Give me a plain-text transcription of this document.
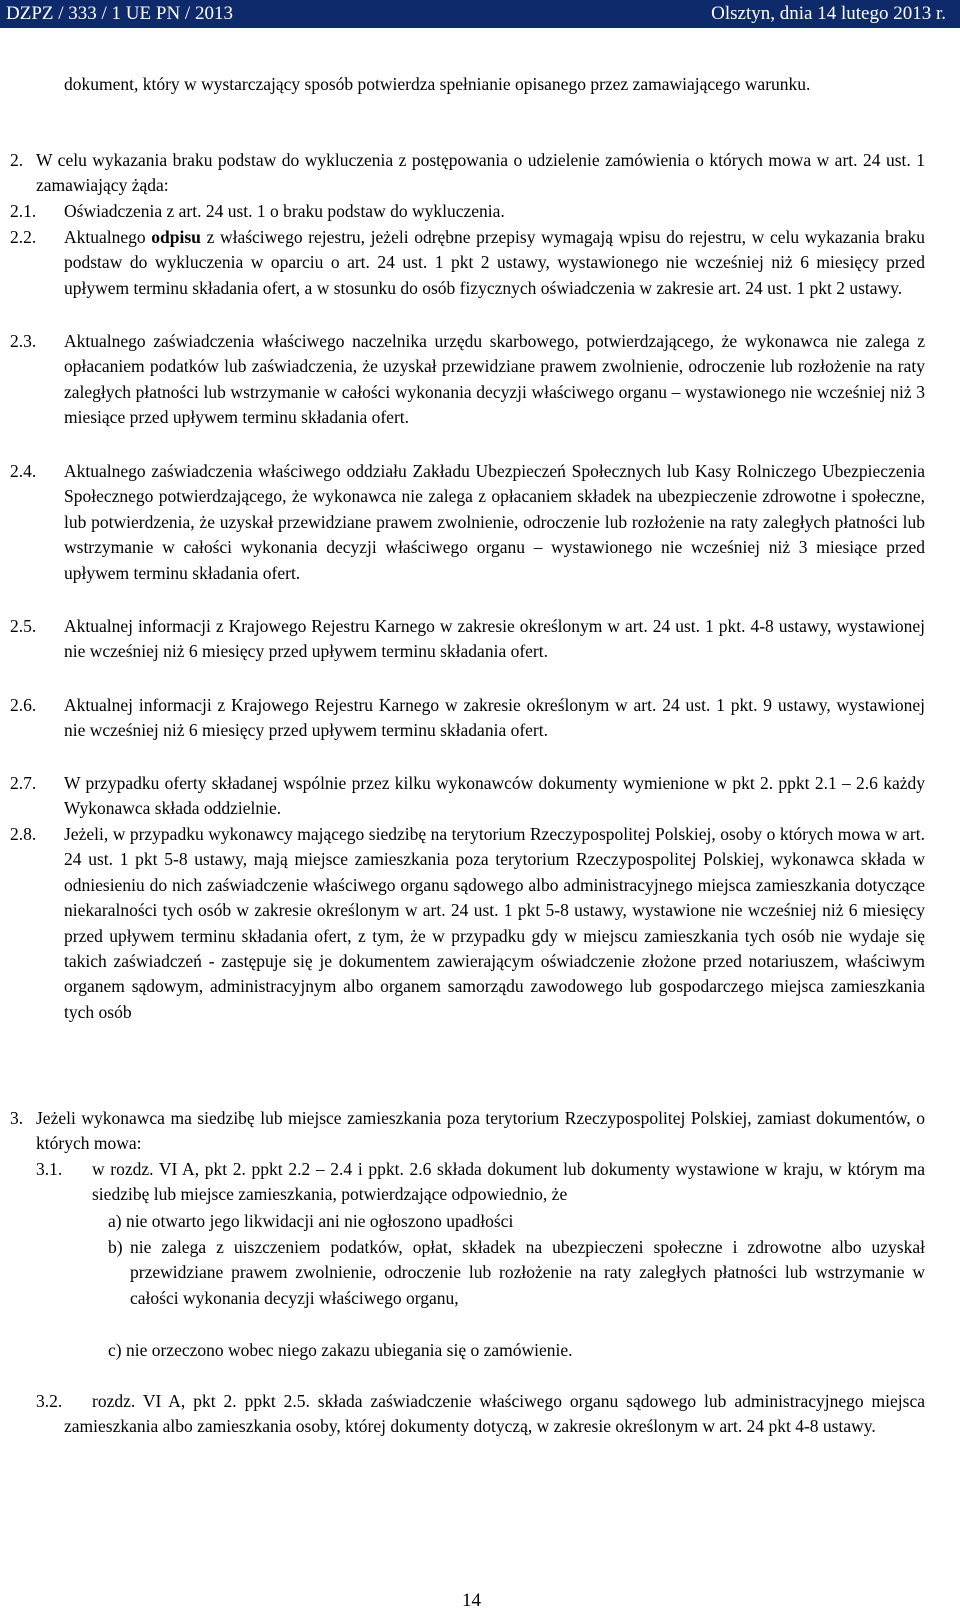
DZPZ / 333 / 1 UE PN / 2013	Olsztyn, dnia 14 lutego 2013 r.
dokument, który w wystarczający sposób potwierdza spełnianie opisanego przez zamawiającego warunku.
2. W celu wykazania braku podstaw do wykluczenia z postępowania o udzielenie zamówienia o których mowa w art. 24 ust. 1 zamawiający żąda:
2.1. Oświadczenia z art. 24 ust. 1 o braku podstaw do wykluczenia.
2.2. Aktualnego odpisu z właściwego rejestru, jeżeli odrębne przepisy wymagają wpisu do rejestru, w celu wykazania braku podstaw do wykluczenia w oparciu o art. 24 ust. 1 pkt 2 ustawy, wystawionego nie wcześniej niż 6 miesięcy przed upływem terminu składania ofert, a w stosunku do osób fizycznych oświadczenia w zakresie art. 24 ust. 1 pkt 2 ustawy.
2.3. Aktualnego zaświadczenia właściwego naczelnika urzędu skarbowego, potwierdzającego, że wykonawca nie zalega z opłacaniem podatków lub zaświadczenia, że uzyskał przewidziane prawem zwolnienie, odroczenie lub rozłożenie na raty zaległych płatności lub wstrzymanie w całości wykonania decyzji właściwego organu – wystawionego nie wcześniej niż 3 miesiące przed upływem terminu składania ofert.
2.4. Aktualnego zaświadczenia właściwego oddziału Zakładu Ubezpieczeń Społecznych lub Kasy Rolniczego Ubezpieczenia Społecznego potwierdzającego, że wykonawca nie zalega z opłacaniem składek na ubezpieczenie zdrowotne i społeczne, lub potwierdzenia, że uzyskał przewidziane prawem zwolnienie, odroczenie lub rozłożenie na raty zaległych płatności lub wstrzymanie w całości wykonania decyzji właściwego organu – wystawionego nie wcześniej niż 3 miesiące przed upływem terminu składania ofert.
2.5. Aktualnej informacji z Krajowego Rejestru Karnego w zakresie określonym w art. 24 ust. 1 pkt. 4-8 ustawy, wystawionej nie wcześniej niż 6 miesięcy przed upływem terminu składania ofert.
2.6. Aktualnej informacji z Krajowego Rejestru Karnego w zakresie określonym w art. 24 ust. 1 pkt. 9 ustawy, wystawionej nie wcześniej niż 6 miesięcy przed upływem terminu składania ofert.
2.7. W przypadku oferty składanej wspólnie przez kilku wykonawców dokumenty wymienione w pkt 2. ppkt 2.1 – 2.6 każdy Wykonawca składa oddzielnie.
2.8. Jeżeli, w przypadku wykonawcy mającego siedzibę na terytorium Rzeczypospolitej Polskiej, osoby o których mowa w art. 24 ust. 1 pkt 5-8 ustawy, mają miejsce zamieszkania poza terytorium Rzeczypospolitej Polskiej, wykonawca składa w odniesieniu do nich zaświadczenie właściwego organu sądowego albo administracyjnego miejsca zamieszkania dotyczące niekaralności tych osób w zakresie określonym w art. 24 ust. 1 pkt 5-8 ustawy, wystawione nie wcześniej niż 6 miesięcy przed upływem terminu składania ofert, z tym, że w przypadku gdy w miejscu zamieszkania tych osób nie wydaje się takich zaświadczeń - zastępuje się je dokumentem zawierającym oświadczenie złożone przed notariuszem, właściwym organem sądowym, administracyjnym albo organem samorządu zawodowego lub gospodarczego miejsca zamieszkania tych osób
3. Jeżeli wykonawca ma siedzibę lub miejsce zamieszkania poza terytorium Rzeczypospolitej Polskiej, zamiast dokumentów, o których mowa:
3.1. w rozdz. VI A, pkt 2. ppkt 2.2 – 2.4 i ppkt. 2.6 składa dokument lub dokumenty wystawione w kraju, w którym ma siedzibę lub miejsce zamieszkania, potwierdzające odpowiednio, że
a) nie otwarto jego likwidacji ani nie ogłoszono upadłości
b) nie zalega z uiszczeniem podatków, opłat, składek na ubezpieczeni społeczne i zdrowotne albo uzyskał przewidziane prawem zwolnienie, odroczenie lub rozłożenie na raty zaległych płatności lub wstrzymanie w całości wykonania decyzji właściwego organu,
c) nie orzeczono wobec niego zakazu ubiegania się o zamówienie.
3.2.	rozdz. VI A, pkt 2. ppkt 2.5. składa zaświadczenie właściwego organu sądowego lub administracyjnego miejsca zamieszkania albo zamieszkania osoby, której dokumenty dotyczą, w zakresie określonym w art. 24 pkt 4-8 ustawy.
14
